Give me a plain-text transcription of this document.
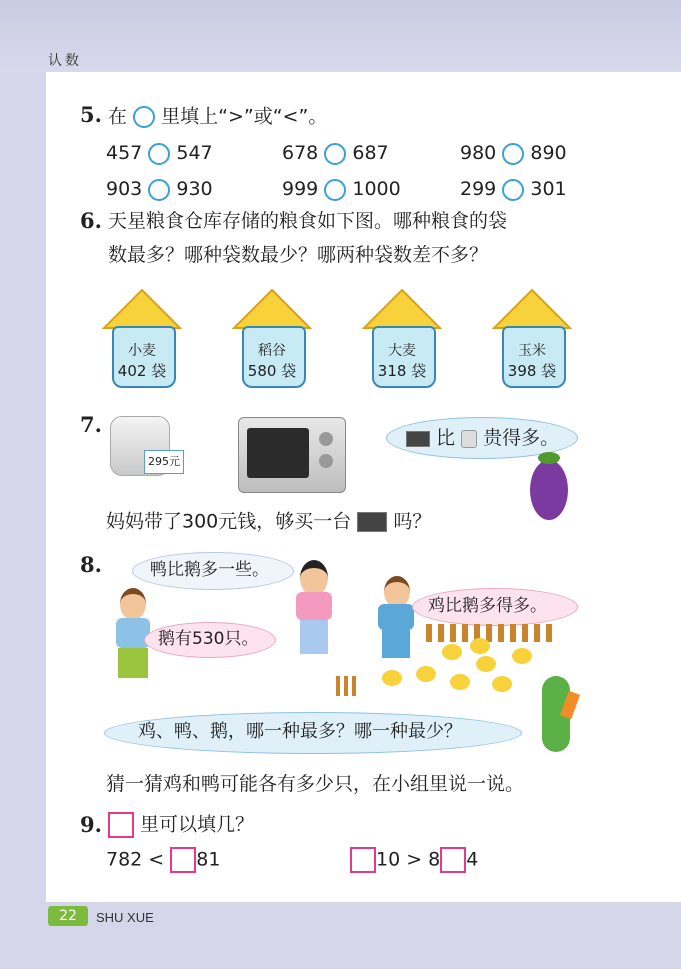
认数
5. 在 里填上“>”或“<”。
457 547	678 687	980 890
903 930	999 1000	299 301
6. 天星粮食仓库存储的粮食如下图。哪种粮食的袋
数最多？哪种袋数最少？哪两种袋数差不多？
小麦
402 袋
稻谷
580 袋
大麦
318 袋
玉米
398 袋
7.
295元
比 贵得多。
妈妈带了300元钱，够买一台 吗？
8.	鸭比鹅多一些。
鹅有530只。
鸡比鹅多得多。
鸡、鸭、鹅，哪一种最多？哪一种最少？
猜一猜鸡和鸭可能各有多少只，在小组里说一说。
9.	里可以填几？
782 < 81	10 > 8 4
22	SHU XUE
